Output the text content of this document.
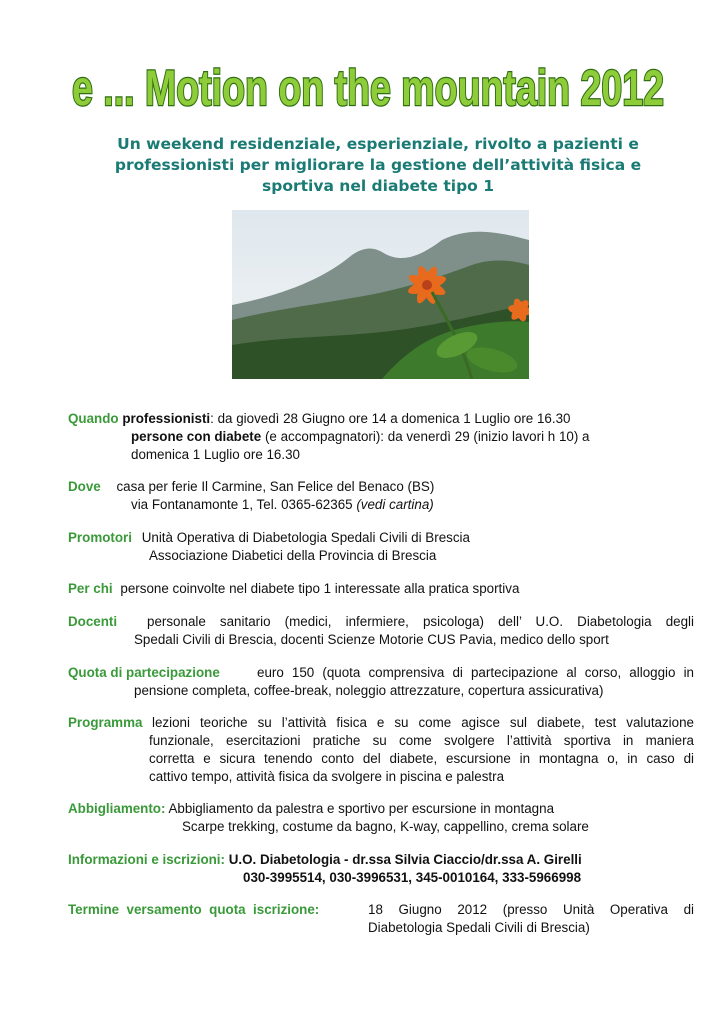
e ... Motion on the mountain 2012
Un weekend residenziale, esperienziale, rivolto a pazienti e professionisti per migliorare la gestione dell’attività fisica e sportiva nel diabete tipo 1
Quando professionisti: da giovedì 28 Giugno ore 14 a domenica 1 Luglio ore 16.30
persone con diabete (e accompagnatori): da venerdì 29 (inizio lavori h 10) a
domenica 1 Luglio ore 16.30
Dove casa per ferie Il Carmine, San Felice del Benaco (BS)
via Fontanamonte 1, Tel. 0365-62365 (vedi cartina)
Promotori Unità Operativa di Diabetologia Spedali Civili di Brescia
Associazione Diabetici della Provincia di Brescia
Per chi persone coinvolte nel diabete tipo 1 interessate alla pratica sportiva
Docenti personale sanitario (medici, infermiere, psicologa) dell’ U.O. Diabetologia degli
Spedali Civili di Brescia, docenti Scienze Motorie CUS Pavia, medico dello sport
Quota di partecipazione	euro 150 (quota comprensiva di partecipazione al corso, alloggio in
pensione completa, coffee-break, noleggio attrezzature, copertura assicurativa)
Programma lezioni teoriche su l’attività fisica e su come agisce sul diabete, test valutazione
funzionale, esercitazioni pratiche su come svolgere l’attività sportiva in maniera
corretta e sicura tenendo conto del diabete, escursione in montagna o, in caso di
cattivo tempo, attività fisica da svolgere in piscina e palestra
Abbigliamento: Abbigliamento da palestra e sportivo per escursione in montagna
Scarpe trekking, costume da bagno, K-way, cappellino, crema solare
Informazioni e iscrizioni: U.O. Diabetologia - dr.ssa Silvia Ciaccio/dr.ssa A. Girelli
030-3995514, 030-3996531, 345-0010164, 333-5966998
Termine  versamento  quota  iscrizione:	18  Giugno  2012  (presso  Unità  Operativa  di
Diabetologia Spedali Civili di Brescia)
